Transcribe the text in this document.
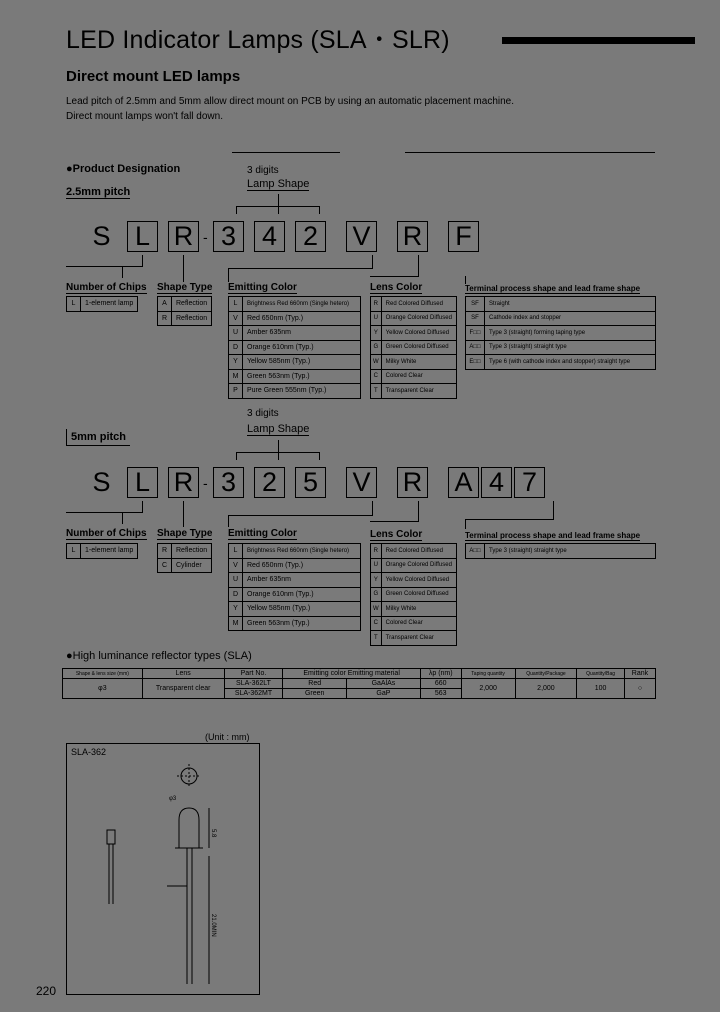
LED Indicator Lamps (SLA・SLR)
Direct mount LED lamps
Lead pitch of 2.5mm and 5mm allow direct mount on PCB by using an automatic placement machine.
Direct mount lamps won't fall down.
●Product Designation	3 digits
Lamp Shape
2.5mm pitch
S L R - 3 4 2 V R F
Number of Chips
L	1-element lamp
Shape Type
A	Reflection
R	Reflection
Emitting Color
L	Brightness Red 660nm (Single hetero)
V	Red 650nm (Typ.)
U	Amber 635nm
D	Orange 610nm (Typ.)
Y	Yellow 585nm (Typ.)
M	Green 563nm (Typ.)
P	Pure Green 555nm (Typ.)
Lens Color
R	Red Colored Diffused
U	Orange Colored Diffused
Y	Yellow Colored Diffused
G	Green Colored Diffused
W	Milky White
C	Colored Clear
T	Transparent Clear
Terminal process shape and lead frame shape
SF	Straight
SF	Cathode index and stopper
F□□	Type 3 (straight) forming taping type
A□□	Type 3 (straight) straight type
E□□	Type 6 (with cathode index and stopper) straight type
3 digits
Lamp Shape
5mm pitch
S L R - 3 2 5 V R A 4 7
Number of Chips
L	1-element lamp
Shape Type
R	Reflection
C	Cylinder
Emitting Color
L	Brightness Red 660nm (Single hetero)
V	Red 650nm (Typ.)
U	Amber 635nm
D	Orange 610nm (Typ.)
Y	Yellow 585nm (Typ.)
M	Green 563nm (Typ.)
Lens Color
R	Red Colored Diffused
U	Orange Colored Diffused
Y	Yellow Colored Diffused
G	Green Colored Diffused
W	Milky White
C	Colored Clear
T	Transparent Clear
Terminal process shape and lead frame shape
A□□	Type 3 (straight) straight type
●High luminance reflector types (SLA)
Shape & lens size (mm)	Lens	Part No.	Emitting color Emitting material		λp (nm)	Taping quantity	Quantity/Package	Quantity/Bag	Rank
φ3	Transparent clear	SLA-362LT	Red	GaAlAs	660	2,000	2,000	100	○
		SLA-362MT	Green	GaP	563				
(Unit : mm)
SLA-362
5.8
21.0MIN
φ3
220
